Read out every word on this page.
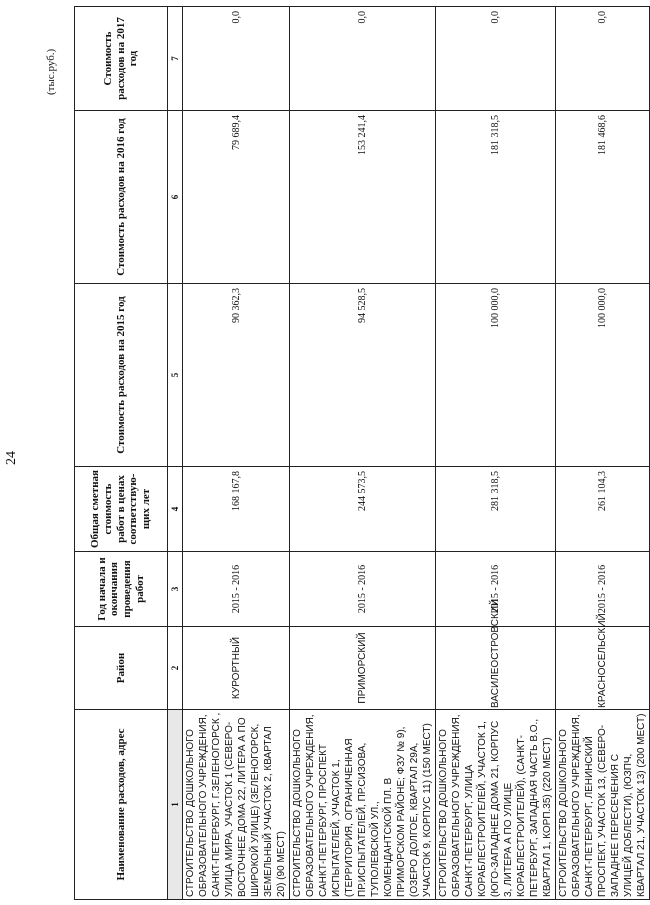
24
(тыс.руб.)
Наименование расходов, адрес	Район	Год начала и окончания проведения работ	Общая сметная стоимость работ в ценах соответствую-щих лет	Стоимость расходов на 2015 год	Стоимость расходов на 2016 год	Стоимость расходов на 2017 год
1	2	3	4	5	6	7
СТРОИТЕЛЬСТВО ДОШКОЛЬНОГО ОБРАЗОВАТЕЛЬНОГО УЧРЕЖДЕНИЯ, САНКТ-ПЕТЕРБУРГ, Г.ЗЕЛЕНОГОРСК , УЛИЦА МИРА, УЧАСТОК 1 (СЕВЕРО-ВОСТОЧНЕЕ ДОМА 22, ЛИТЕРА А ПО ШИРОКОЙ УЛИЦЕ) (ЗЕЛЕНОГОРСК, ЗЕМЕЛЬНЫЙ УЧАСТОК 2, КВАРТАЛ 20) (90 МЕСТ)	КУРОРТНЫЙ	2015 - 2016	168 167,8	90 362,3	79 689,4	0,0
СТРОИТЕЛЬСТВО ДОШКОЛЬНОГО ОБРАЗОВАТЕЛЬНОГО УЧРЕЖДЕНИЯ, САНКТ-ПЕТЕРБУРГ, ПРОСПЕКТ ИСПЫТАТЕЛЕЙ, УЧАСТОК 1, (ТЕРРИТОРИЯ, ОГРАНИЧЕННАЯ ПР.ИСПЫТАТЕЛЕЙ, ПР.СИЗОВА, ТУПОЛЕВСКОЙ УЛ., КОМЕНДАНТСКОЙ ПЛ. В ПРИМОРСКОМ РАЙОНЕ; ФЗУ № 9), (ОЗЕРО ДОЛГОЕ, КВАРТАЛ 29А, УЧАСТОК 9, КОРПУС 11) (150 МЕСТ)	ПРИМОРСКИЙ	2015 - 2016	244 573,5	94 528,5	153 241,4	0,0
СТРОИТЕЛЬСТВО ДОШКОЛЬНОГО ОБРАЗОВАТЕЛЬНОГО УЧРЕЖДЕНИЯ, САНКТ-ПЕТЕРБУРГ, УЛИЦА КОРАБЛЕСТРОИТЕЛЕЙ, УЧАСТОК 1, (ЮГО-ЗАПАДНЕЕ ДОМА 21, КОРПУС 3, ЛИТЕРА А ПО УЛИЦЕ КОРАБЛЕСТРОИТЕЛЕЙ), (САНКТ-ПЕТЕРБУРГ, ЗАПАДНАЯ ЧАСТЬ В.О., КВАРТАЛ 1, КОРП.35) (220 МЕСТ)	ВАСИЛЕОСТРОВСКИЙ	2015 - 2016	281 318,5	100 000,0	181 318,5	0,0
СТРОИТЕЛЬСТВО ДОШКОЛЬНОГО ОБРАЗОВАТЕЛЬНОГО УЧРЕЖДЕНИЯ, САНКТ-ПЕТЕРБУРГ, ЛЕНИНСКИЙ ПРОСПЕКТ, УЧАСТОК 13, (СЕВЕРО-ЗАПАДНЕЕ ПЕРЕСЕЧЕНИЯ С УЛИЦЕЙ ДОБЛЕСТИ), (ЮЗПЧ, КВАРТАЛ 21, УЧАСТОК 13) (200 МЕСТ)	КРАСНОСЕЛЬСКИЙ	2015 - 2016	261 104,3	100 000,0	181 468,6	0,0
